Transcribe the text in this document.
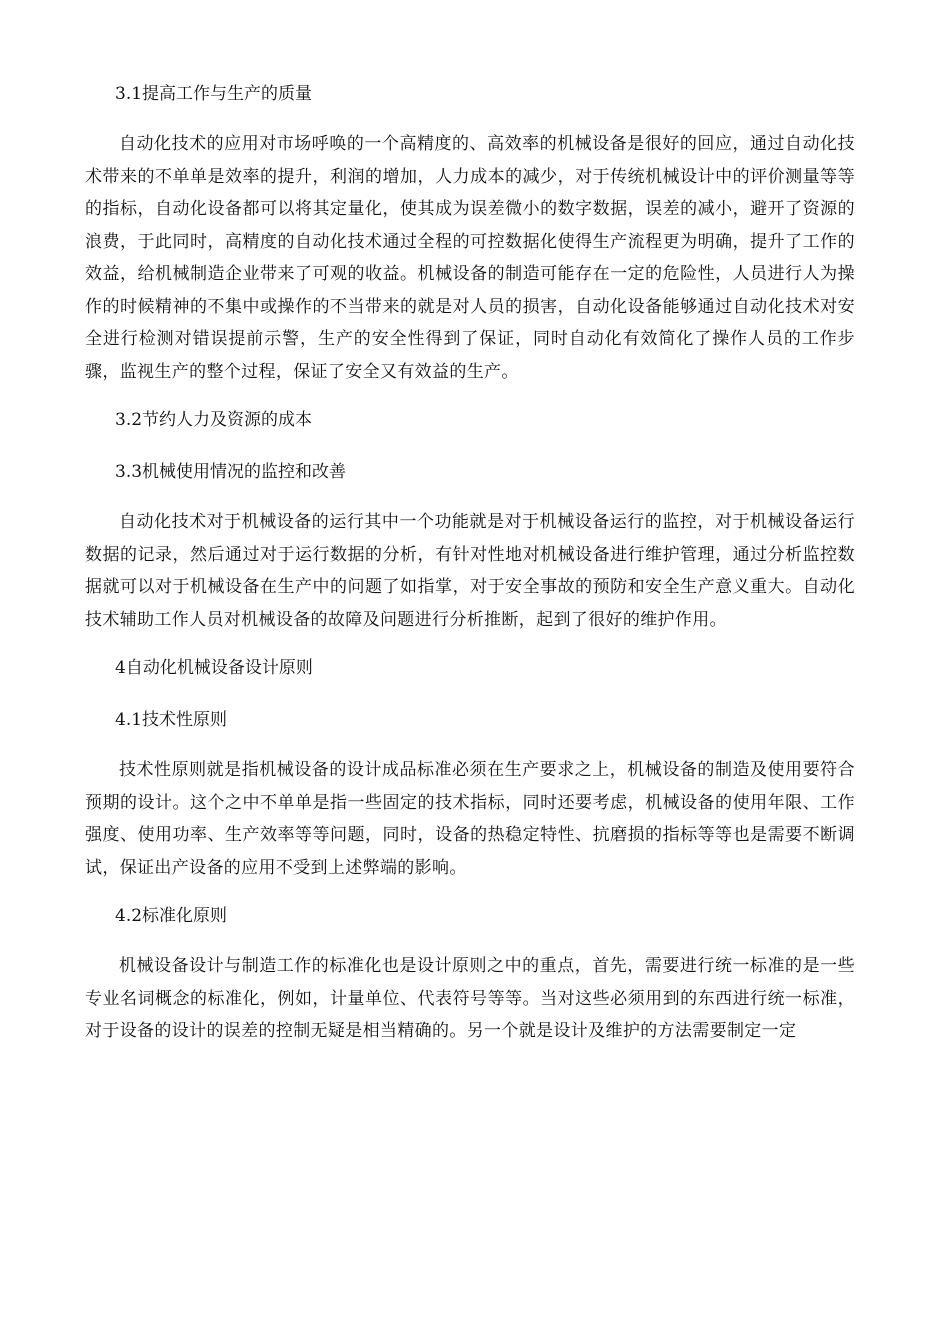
3.1提高工作与生产的质量

自动化技术的应用对市场呼唤的一个高精度的、高效率的机械设备是很好的回应，通过自动化技术带来的不单单是效率的提升，利润的增加，人力成本的减少，对于传统机械设计中的评价测量等等的指标，自动化设备都可以将其定量化，使其成为误差微小的数字数据，误差的减小，避开了资源的浪费，于此同时，高精度的自动化技术通过全程的可控数据化使得生产流程更为明确，提升了工作的效益，给机械制造企业带来了可观的收益。机械设备的制造可能存在一定的危险性，人员进行人为操作的时候精神的不集中或操作的不当带来的就是对人员的损害，自动化设备能够通过自动化技术对安全进行检测对错误提前示警，生产的安全性得到了保证，同时自动化有效简化了操作人员的工作步骤，监视生产的整个过程，保证了安全又有效益的生产。

3.2节约人力及资源的成本
3.3机械使用情况的监控和改善

自动化技术对于机械设备的运行其中一个功能就是对于机械设备运行的监控，对于机械设备运行数据的记录，然后通过对于运行数据的分析，有针对性地对机械设备进行维护管理，通过分析监控数据就可以对于机械设备在生产中的问题了如指掌，对于安全事故的预防和安全生产意义重大。自动化技术辅助工作人员对机械设备的故障及问题进行分析推断，起到了很好的维护作用。

4自动化机械设备设计原则
4.1技术性原则

技术性原则就是指机械设备的设计成品标准必须在生产要求之上，机械设备的制造及使用要符合预期的设计。这个之中不单单是指一些固定的技术指标，同时还要考虑，机械设备的使用年限、工作强度、使用功率、生产效率等等问题，同时，设备的热稳定特性、抗磨损的指标等等也是需要不断调试，保证出产设备的应用不受到上述弊端的影响。

4.2标准化原则

机械设备设计与制造工作的标准化也是设计原则之中的重点，首先，需要进行统一标准的是一些专业名词概念的标准化，例如，计量单位、代表符号等等。当对这些必须用到的东西进行统一标准，对于设备的设计的误差的控制无疑是相当精确的。另一个就是设计及维护的方法需要制定一定
